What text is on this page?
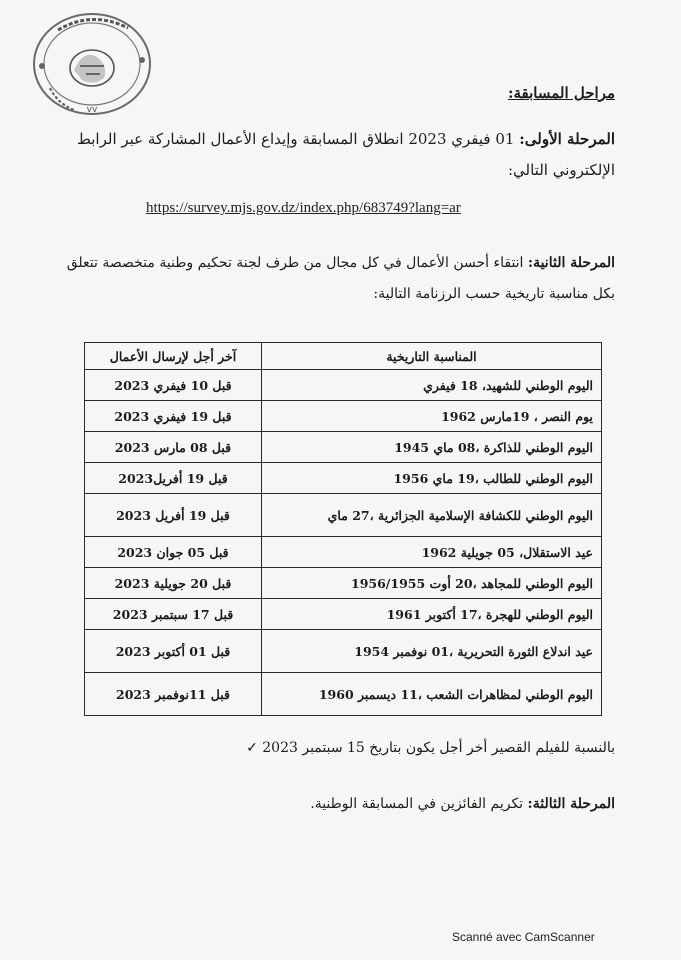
vv
مراحل المسابقة:
المرحلة الأولى: 01 فيفري 2023 انطلاق المسابقة وإيداع الأعمال المشاركة عبر الرابط الإلكتروني التالي:
https://survey.mjs.gov.dz/index.php/683749?lang=ar
المرحلة الثانية: انتقاء أحسن الأعمال في كل مجال من طرف لجنة تحكيم وطنية متخصصة تتعلق بكل مناسبة تاريخية حسب الرزنامة التالية:
المناسبة التاريخية	آخر أجل لإرسال الأعمال
اليوم الوطني للشهيد، 18 فيفري	قبل 10 فيفري 2023
يوم النصر ، 19مارس 1962	قبل 19 فيفري 2023
اليوم الوطني للذاكرة ،08 ماي 1945	قبل 08 مارس 2023
اليوم الوطني للطالب ،19 ماي 1956	قبل 19 أفريل2023
اليوم الوطني للكشافة الإسلامية الجزائرية ،27 ماي	قبل 19 أفريل 2023
عيد الاستقلال، 05 جويلية 1962	قبل 05 جوان 2023
اليوم الوطني للمجاهد ،20 أوت 1956/1955	قبل 20 جويلية 2023
اليوم الوطني للهجرة ،17 أكتوبر 1961	قبل 17 سبتمبر 2023
عيد اندلاع الثورة التحريرية ،01 نوفمبر 1954	قبل 01 أكتوبر 2023
اليوم الوطني لمظاهرات الشعب ،11 ديسمبر 1960	قبل 11نوفمبر 2023
بالنسبة للفيلم القصير أخر أجل يكون بتاريخ 15 سبتمبر 2023 ✓
المرحلة الثالثة: تكريم الفائزين في المسابقة الوطنية.
Scanné avec CamScanner
